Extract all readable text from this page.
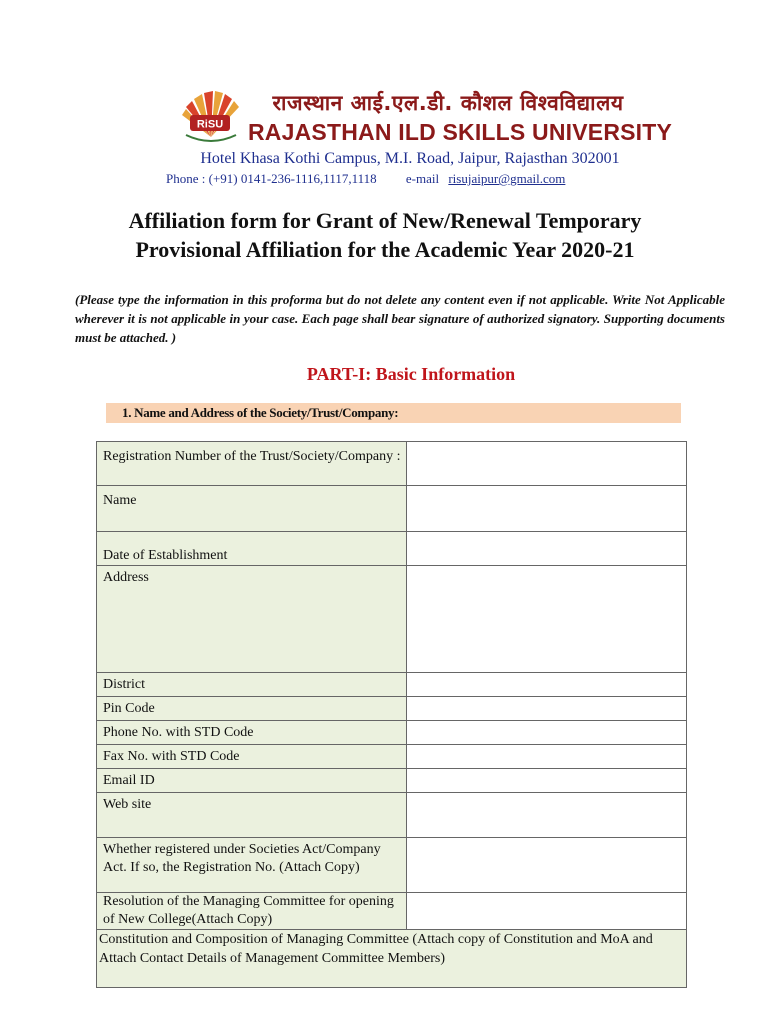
RiSU
राजस्थान आई.एल.डी. कौशल विश्वविद्यालय
RAJASTHAN ILD SKILLS UNIVERSITY
Hotel Khasa Kothi Campus, M.I. Road, Jaipur, Rajasthan 302001
Phone : (+91) 0141-236-1116,1117,1118 e-mail risujaipur@gmail.com
Affiliation form for Grant of New/Renewal Temporary
Provisional Affiliation for the Academic Year 2020-21
(Please type the information in this proforma but do not delete any content even if not applicable. Write Not Applicable wherever it is not applicable in your case. Each page shall bear signature of authorized signatory. Supporting documents must be attached. )
PART-I: Basic Information
1. Name and Address of the Society/Trust/Company:
Registration Number of the Trust/Society/Company :	
Name	
Date of Establishment	
Address	
District	
Pin Code	
Phone No. with STD Code	
Fax No. with STD Code	
Email ID	
Web site	
Whether registered under Societies Act/Company Act. If so, the Registration No. (Attach Copy)	
Resolution of the Managing Committee for opening of New College(Attach Copy)	
Constitution and Composition of Managing Committee (Attach copy of Constitution and MoA and Attach Contact Details of Management Committee Members)	
